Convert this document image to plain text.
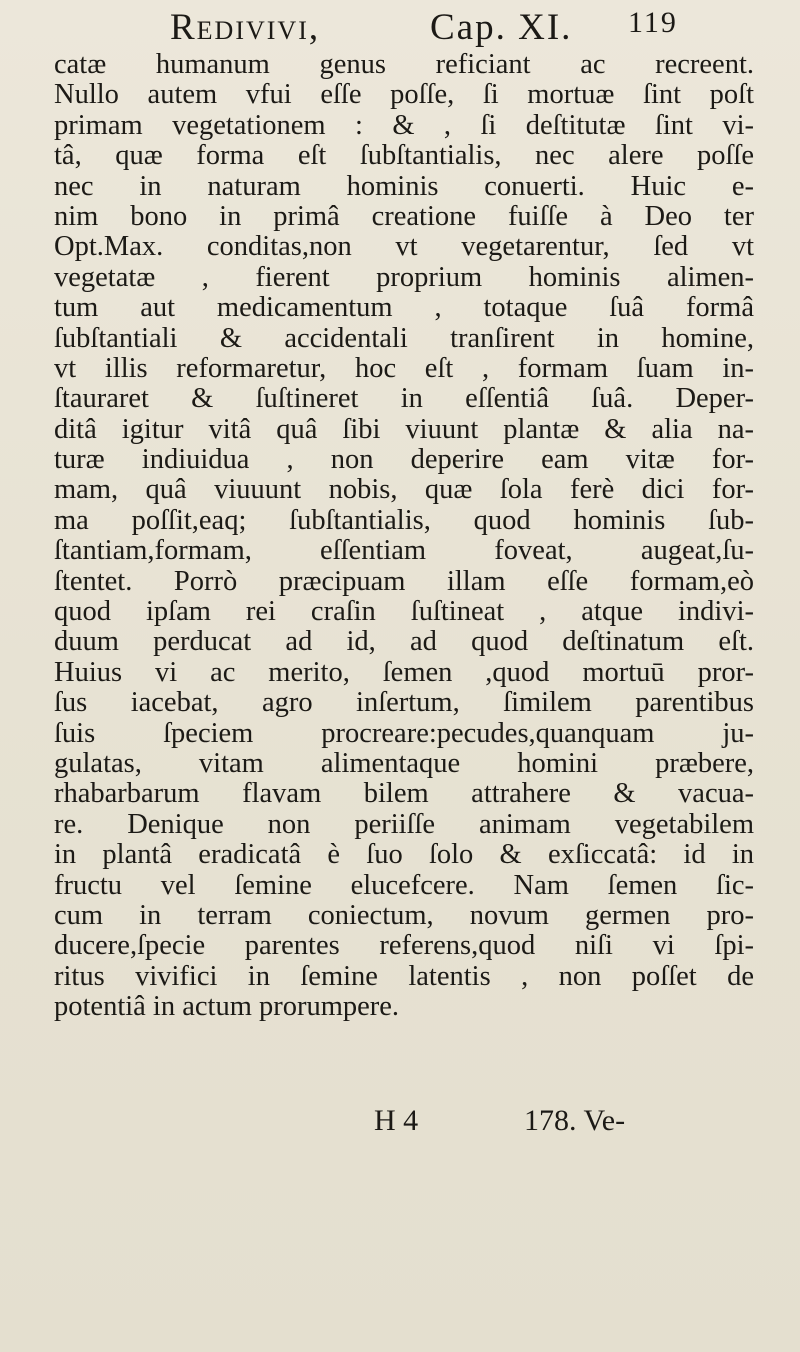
Redivivi,	Cap. XI. 119
catæ humanum genus reficiant ac recreent.
Nullo autem vfui eſſe poſſe, ſi mortuæ ſint poſt
primam vegetationem : & , ſi deſtitutæ ſint vi-
tâ, quæ forma eſt ſubſtantialis, nec alere poſſe
nec in naturam hominis conuerti. Huic e-
nim bono in primâ creatione fuiſſe à Deo ter
Opt.Max. conditas,non vt vegetarentur, ſed vt
vegetatæ , fierent proprium hominis alimen-
tum aut medicamentum , totaque ſuâ formâ
ſubſtantiali & accidentali tranſirent in homine,
vt illis reformaretur, hoc eſt , formam ſuam in-
ſtauraret & ſuſtineret in eſſentiâ ſuâ. Deper-
ditâ igitur vitâ quâ ſibi viuunt plantæ & alia na-
turæ indiuidua , non deperire eam vitæ for-
mam, quâ viuuunt nobis, quæ ſola ferè dici for-
ma poſſit,eaq; ſubſtantialis, quod hominis ſub-
ſtantiam,formam, eſſentiam foveat, augeat,ſu-
ſtentet. Porrò præcipuam illam eſſe formam,eò
quod ipſam rei craſin ſuſtineat , atque indivi-
duum perducat ad id, ad quod deſtinatum eſt.
Huius vi ac merito, ſemen ,quod mortuū pror-
ſus iacebat, agro inſertum, ſimilem parentibus
ſuis ſpeciem procreare:pecudes,quanquam ju-
gulatas, vitam alimentaque homini præbere,
rhabarbarum flavam bilem attrahere & vacua-
re. Denique non periiſſe animam vegetabilem
in plantâ eradicatâ è ſuo ſolo & exſiccatâ: id in
fructu vel ſemine elucefcere. Nam ſemen ſic-
cum in terram coniectum, novum germen pro-
ducere,ſpecie parentes referens,quod niſi vi ſpi-
ritus vivifici in ſemine latentis , non poſſet de
potentiâ in actum prorumpere.
H 4	178. Ve-
